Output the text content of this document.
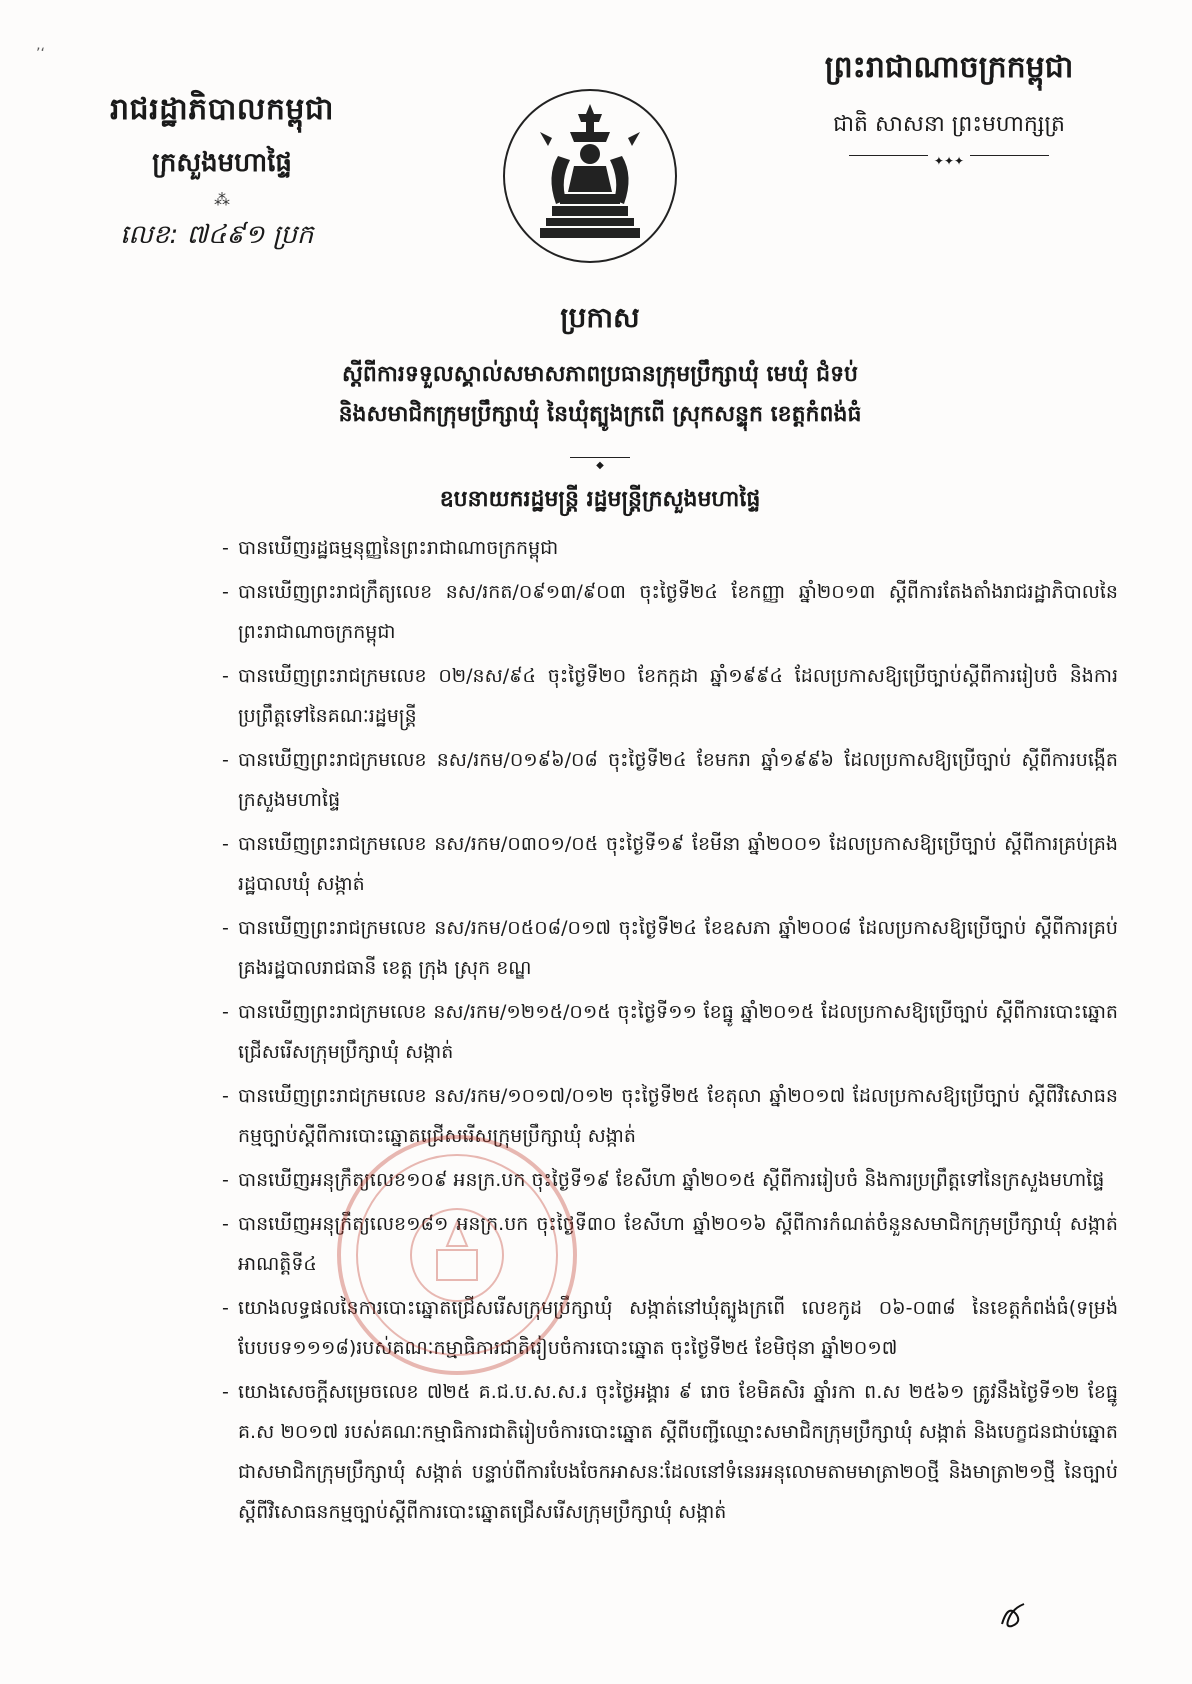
’‘
រាជរដ្ឋាភិបាលកម្ពុជា
ក្រសួងមហាផ្ទៃ
⁂
លេខ: ៧៤៩១ ប្រក
ព្រះរាជាណាចក្រកម្ពុជា
ជាតិ សាសនា ព្រះមហាក្សត្រ
✦✦✦
ប្រកាស
ស្តីពីការទទួលស្គាល់សមាសភាពប្រធានក្រុមប្រឹក្សាឃុំ មេឃុំ ជំទប់
និងសមាជិកក្រុមប្រឹក្សាឃុំ នៃឃុំត្បូងក្រពើ ស្រុកសន្ទុក ខេត្តកំពង់ធំ
◆
ឧបនាយករដ្ឋមន្ត្រី រដ្ឋមន្ត្រីក្រសួងមហាផ្ទៃ
- បានឃើញរដ្ឋធម្មនុញ្ញនៃព្រះរាជាណាចក្រកម្ពុជា
- បានឃើញព្រះរាជក្រឹត្យលេខ នស/រកត/០៩១៣/៩០៣ ចុះថ្ងៃទី២៤ ខែកញ្ញា ឆ្នាំ២០១៣ ស្តីពីការតែងតាំងរាជរដ្ឋាភិបាលនៃព្រះរាជាណាចក្រកម្ពុជា
- បានឃើញព្រះរាជក្រមលេខ ០២/នស/៩៤ ចុះថ្ងៃទី២០ ខែកក្កដា ឆ្នាំ១៩៩៤ ដែលប្រកាសឱ្យប្រើច្បាប់ស្តីពីការរៀបចំ និងការប្រព្រឹត្តទៅនៃគណៈរដ្ឋមន្ត្រី
- បានឃើញព្រះរាជក្រមលេខ នស/រកម/០១៩៦/០៨ ចុះថ្ងៃទី២៤ ខែមករា ឆ្នាំ១៩៩៦ ដែលប្រកាសឱ្យប្រើច្បាប់ ស្តីពីការបង្កើតក្រសួងមហាផ្ទៃ
- បានឃើញព្រះរាជក្រមលេខ នស/រកម/០៣០១/០៥ ចុះថ្ងៃទី១៩ ខែមីនា ឆ្នាំ២០០១ ដែលប្រកាសឱ្យប្រើច្បាប់ ស្តីពីការគ្រប់គ្រងរដ្ឋបាលឃុំ សង្កាត់
- បានឃើញព្រះរាជក្រមលេខ នស/រកម/០៥០៨/០១៧ ចុះថ្ងៃទី២៤ ខែឧសភា ឆ្នាំ២០០៨ ដែលប្រកាសឱ្យប្រើច្បាប់ ស្តីពីការគ្រប់គ្រងរដ្ឋបាលរាជធានី ខេត្ត ក្រុង ស្រុក ខណ្ឌ
- បានឃើញព្រះរាជក្រមលេខ នស/រកម/១២១៥/០១៥ ចុះថ្ងៃទី១១ ខែធ្នូ ឆ្នាំ២០១៥ ដែលប្រកាសឱ្យប្រើច្បាប់ ស្តីពីការបោះឆ្នោតជ្រើសរើសក្រុមប្រឹក្សាឃុំ សង្កាត់
- បានឃើញព្រះរាជក្រមលេខ នស/រកម/១០១៧/០១២ ចុះថ្ងៃទី២៥ ខែតុលា ឆ្នាំ២០១៧ ដែលប្រកាសឱ្យប្រើច្បាប់ ស្តីពីវិសោធនកម្មច្បាប់ស្តីពីការបោះឆ្នោតជ្រើសរើសក្រុមប្រឹក្សាឃុំ សង្កាត់
- បានឃើញអនុក្រឹត្យលេខ១០៩ អនក្រ.បក ចុះថ្ងៃទី១៩ ខែសីហា ឆ្នាំ២០១៥ ស្តីពីការរៀបចំ និងការប្រព្រឹត្តទៅនៃក្រសួងមហាផ្ទៃ
- បានឃើញអនុក្រឹត្យលេខ១៨១ អនក្រ.បក ចុះថ្ងៃទី៣០ ខែសីហា ឆ្នាំ២០១៦ ស្តីពីការកំណត់ចំនួនសមាជិកក្រុមប្រឹក្សាឃុំ សង្កាត់អាណត្តិទី៤
- យោងលទ្ធផលនៃការបោះឆ្នោតជ្រើសរើសក្រុមប្រឹក្សាឃុំ សង្កាត់នៅឃុំត្បូងក្រពើ លេខកូដ ០៦-០៣៨ នៃខេត្តកំពង់ធំ(ទម្រង់បែបបទ១១១៨)របស់គណៈកម្មាធិការជាតិរៀបចំការបោះឆ្នោត ចុះថ្ងៃទី២៥ ខែមិថុនា ឆ្នាំ២០១៧
- យោងសេចក្តីសម្រេចលេខ ៧២៥ គ.ជ.ប.ស.ស.រ ចុះថ្ងៃអង្គារ ៩ រោច ខែមិគសិរ ឆ្នាំរកា ព.ស ២៥៦១ ត្រូវនឹងថ្ងៃទី១២ ខែធ្នូ គ.ស ២០១៧ របស់គណៈកម្មាធិការជាតិរៀបចំការបោះឆ្នោត ស្តីពីបញ្ជីឈ្មោះសមាជិកក្រុមប្រឹក្សាឃុំ សង្កាត់ និងបេក្ខជនជាប់ឆ្នោតជាសមាជិកក្រុមប្រឹក្សាឃុំ សង្កាត់ បន្ទាប់ពីការបែងចែកអាសនៈដែលនៅទំនេរអនុលោមតាមមាត្រា២០ថ្មី និងមាត្រា២១ថ្មី នៃច្បាប់ ស្តីពីវិសោធនកម្មច្បាប់ស្តីពីការបោះឆ្នោតជ្រើសរើសក្រុមប្រឹក្សាឃុំ សង្កាត់
